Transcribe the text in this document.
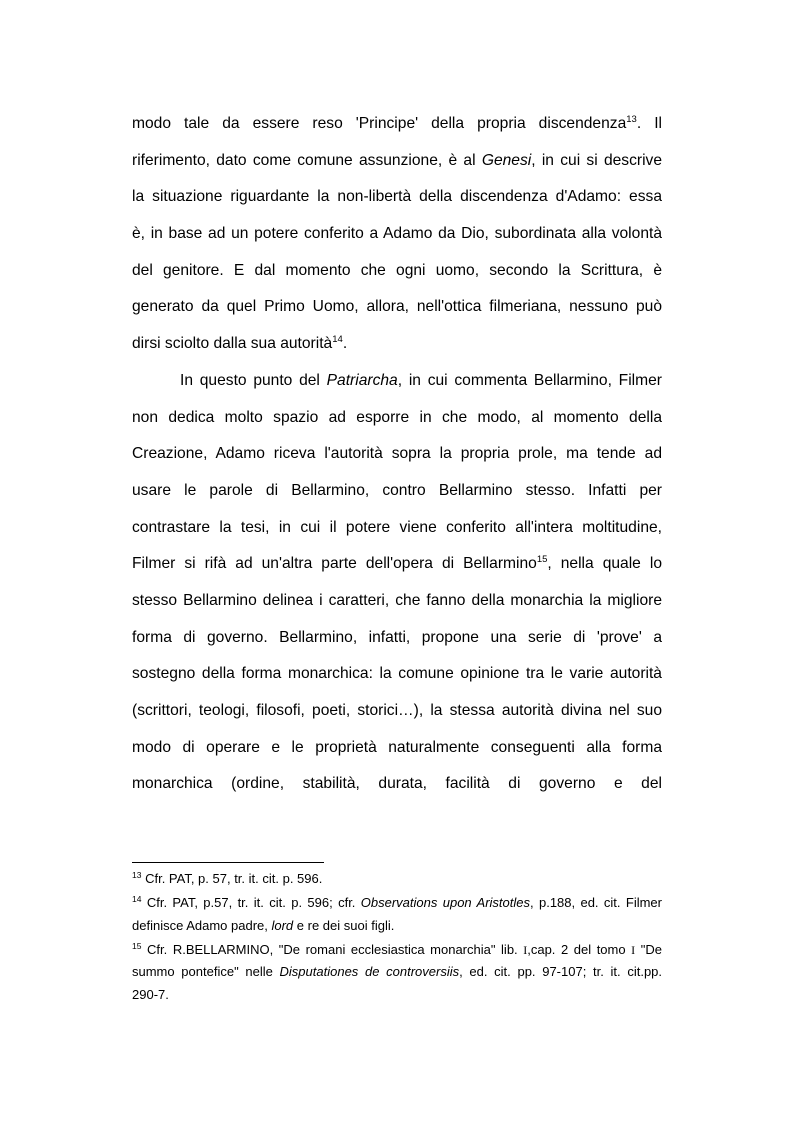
modo tale da essere reso 'Principe' della propria discendenza$^{13}$. Il
riferimento, dato come comune assunzione, è al Genesi, in cui si descrive
la situazione riguardante la non-libertà della discendenza d'Adamo: essa
è, in base ad un potere conferito a Adamo da Dio, subordinata alla volontà
del genitore. E dal momento che ogni uomo, secondo la Scrittura, è
generato da quel Primo Uomo, allora, nell'ottica filmeriana, nessuno può
dirsi sciolto dalla sua autorità$^{14}$.
In questo punto del Patriarcha, in cui commenta Bellarmino, Filmer
non dedica molto spazio ad esporre in che modo, al momento della
Creazione, Adamo riceva l'autorità sopra la propria prole, ma tende ad
usare le parole di Bellarmino, contro Bellarmino stesso. Infatti per
contrastare la tesi, in cui il potere viene conferito all'intera moltitudine,
Filmer si rifà ad un'altra parte dell'opera di Bellarmino$^{15}$, nella quale lo
stesso Bellarmino delinea i caratteri, che fanno della monarchia la migliore
forma di governo. Bellarmino, infatti, propone una serie di 'prove' a
sostegno della forma monarchica: la comune opinione tra le varie autorità
(scrittori, teologi, filosofi, poeti, storici…), la stessa autorità divina nel suo
modo di operare e le proprietà naturalmente conseguenti alla forma
monarchica (ordine, stabilità, durata, facilità di governo e del
$^{13}$ Cfr. PAT, p. 57, tr. it. cit. p. 596.
$^{14}$ Cfr. PAT, p.57, tr. it. cit. p. 596; cfr. Observations upon Aristotles, p.188, ed. cit. Filmer
definisce Adamo padre, lord e re dei suoi figli.
$^{15}$ Cfr. R.BELLARMINO, "De romani ecclesiastica monarchia" lib. I,cap. 2 del tomo I "De
summo pontefice" nelle Disputationes de controversiis, ed. cit. pp. 97-107; tr. it. cit.pp.
290-7.
